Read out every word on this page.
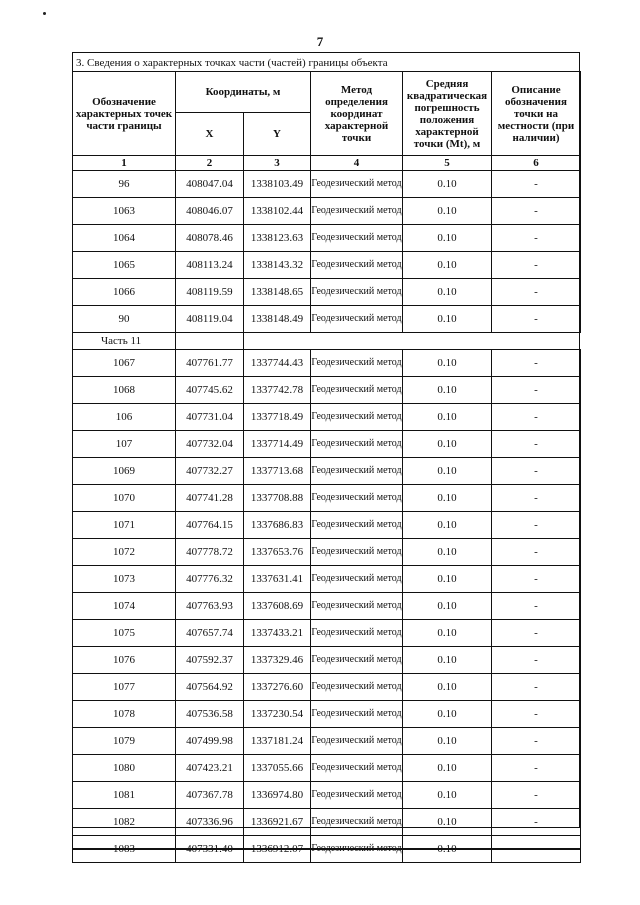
7
3. Сведения о характерных точках части (частей) границы объекта
Обозначение характерных точек части границы	Координаты, м		Метод определения координат характерной точки	Средняя квадратическая погрешность положения характерной точки (Mt), м	Описание обозначения точки на местности (при наличии)
	X	Y			
1	2	3	4	5	6
96	408047.04	1338103.49	Геодезический метод	0.10	-
1063	408046.07	1338102.44	Геодезический метод	0.10	-
1064	408078.46	1338123.63	Геодезический метод	0.10	-
1065	408113.24	1338143.32	Геодезический метод	0.10	-
1066	408119.59	1338148.65	Геодезический метод	0.10	-
90	408119.04	1338148.49	Геодезический метод	0.10	-
Часть 11					
1067	407761.77	1337744.43	Геодезический метод	0.10	-
1068	407745.62	1337742.78	Геодезический метод	0.10	-
106	407731.04	1337718.49	Геодезический метод	0.10	-
107	407732.04	1337714.49	Геодезический метод	0.10	-
1069	407732.27	1337713.68	Геодезический метод	0.10	-
1070	407741.28	1337708.88	Геодезический метод	0.10	-
1071	407764.15	1337686.83	Геодезический метод	0.10	-
1072	407778.72	1337653.76	Геодезический метод	0.10	-
1073	407776.32	1337631.41	Геодезический метод	0.10	-
1074	407763.93	1337608.69	Геодезический метод	0.10	-
1075	407657.74	1337433.21	Геодезический метод	0.10	-
1076	407592.37	1337329.46	Геодезический метод	0.10	-
1077	407564.92	1337276.60	Геодезический метод	0.10	-
1078	407536.58	1337230.54	Геодезический метод	0.10	-
1079	407499.98	1337181.24	Геодезический метод	0.10	-
1080	407423.21	1337055.66	Геодезический метод	0.10	-
1081	407367.78	1336974.80	Геодезический метод	0.10	-
1082	407336.96	1336921.67	Геодезический метод	0.10	-
1083	407331.40	1336912.07	Геодезический метод	0.10	-
